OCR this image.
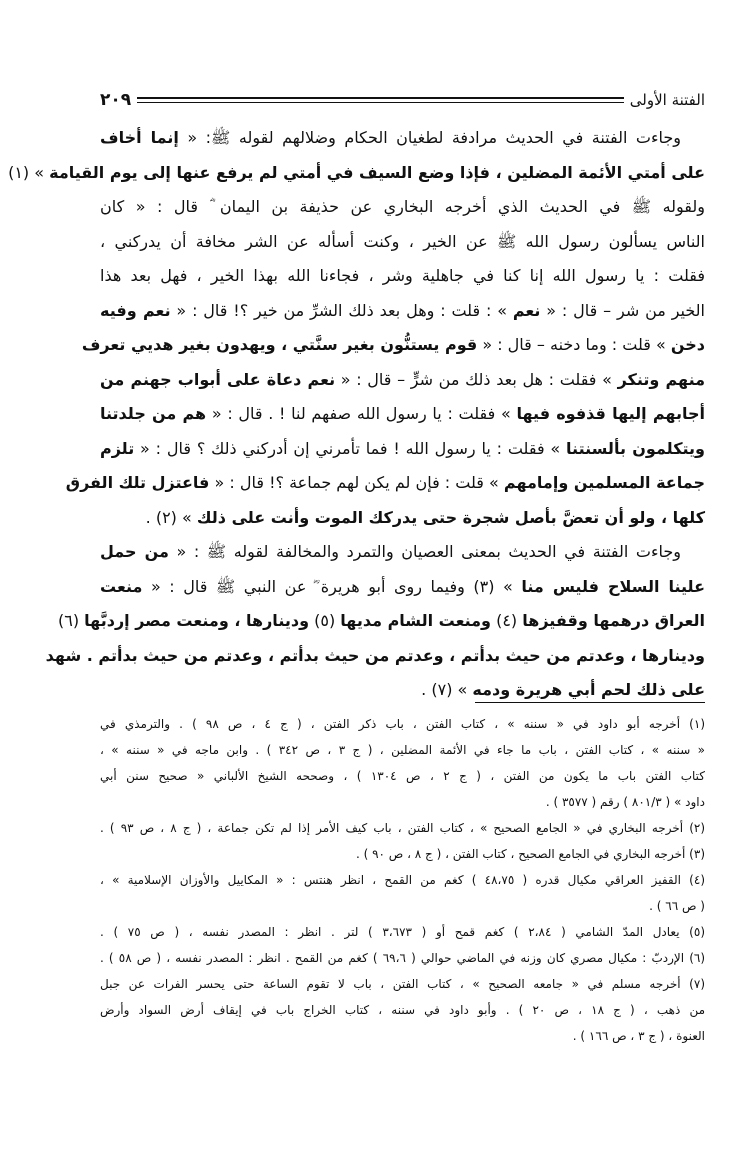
الفتنة الأولى
٢٠٩
وجاءت الفتنة في الحديث مرادفة لطغيان الحكام وضلالهم لقوله ﷺ: « إنما أخاف
على أمتي الأئمة المضلين ، فإذا وضع السيف في أمتي لم يرفع عنها إلى يوم القيامة » (١)
ولقوله ﷺ في الحديث الذي أخرجه البخاري عن حذيفة بن اليمان ؓ قال : « كان
الناس يسألون رسول الله ﷺ عن الخير ، وكنت أسأله عن الشر مخافة أن يدركني ،
فقلت : يا رسول الله إنا كنا في جاهلية وشر ، فجاءنا الله بهذا الخير ، فهل بعد هذا
الخير من شر – قال : « نعم » : قلت : وهل بعد ذلك الشرِّ من خير ؟! قال : « نعم وفيه
دخن » قلت : وما دخنه – قال : « قوم يستنُّون بغير سنَّتي ، ويهدون بغير هديي تعرف
منهم وتنكر » فقلت : هل بعد ذلك من شرٍّ – قال : « نعم دعاة على أبواب جهنم من
أجابهم إليها قذفوه فيها » فقلت : يا رسول الله صفهم لنا ! . قال : « هم من جلدتنا
ويتكلمون بألسنتنا » فقلت : يا رسول الله ! فما تأمرني إن أدركني ذلك ؟ قال : « تلزم
جماعة المسلمين وإمامهم » قلت : فإن لم يكن لهم جماعة ؟! قال : « فاعتزل تلك الفرق
كلها ، ولو أن تعضَّ بأصل شجرة حتى يدركك الموت وأنت على ذلك » (٢) .
وجاءت الفتنة في الحديث بمعنى العصيان والتمرد والمخالفة لقوله ﷺ : « من حمل
علينا السلاح فليس منا » (٣) وفيما روى أبو هريرة ؓ عن النبي ﷺ قال : « منعت
العراق درهمها وقفيزها (٤) ومنعت الشام مديها (٥) ودينارها ، ومنعت مصر إردبَّها (٦)
ودينارها ، وعدتم من حيث بدأتم ، وعدتم من حيث بدأتم ، وعدتم من حيث بدأتم . شهد
على ذلك لحم أبي هريرة ودمه » (٧) .
(١) أخرجه أبو داود في « سننه » ، كتاب الفتن ، باب ذكر الفتن ، ( ج ٤ ، ص ٩٨ ) . والترمذي في
« سننه » ، كتاب الفتن ، باب ما جاء في الأئمة المضلين ، ( ج ٣ ، ص ٣٤٢ ) . وابن ماجه في « سننه » ،
كتاب الفتن باب ما يكون من الفتن ، ( ج ٢ ، ص ١٣٠٤ ) ، وصححه الشيخ الألباني « صحيح سنن أبي
داود » ( ٨٠١/٣ ) رقم ( ٣٥٧٧ ) .
(٢) أخرجه البخاري في « الجامع الصحيح » ، كتاب الفتن ، باب كيف الأمر إذا لم تكن جماعة ، ( ج ٨ ، ص ٩٣ ) .
(٣) أخرجه البخاري في الجامع الصحيح ، كتاب الفتن ، ( ج ٨ ، ص ٩٠ ) .
(٤) القفيز العراقي مكيال قدره ( ٤٨،٧٥ ) كغم من القمح ، انظر هنتس : « المكاييل والأوزان الإسلامية » ،
( ص ٦٦ ) .
(٥) يعادل المدّ الشامي ( ٢،٨٤ ) كغم قمح أو ( ٣،٦٧٣ ) لتر . انظر : المصدر نفسه ، ( ص ٧٥ ) .
(٦) الإردبّ : مكيال مصري كان وزنه في الماضي حوالي ( ٦٩،٦ ) كغم من القمح . انظر : المصدر نفسه ، ( ص ٥٨ ) .
(٧) أخرجه مسلم في « جامعه الصحيح » ، كتاب الفتن ، باب لا تقوم الساعة حتى يحسر الفرات عن جبل
من ذهب ، ( ج ١٨ ، ص ٢٠ ) . وأبو داود في سننه ، كتاب الخراج باب في إيقاف أرض السواد وأرض
العنوة ، ( ج ٣ ، ص ١٦٦ ) .
